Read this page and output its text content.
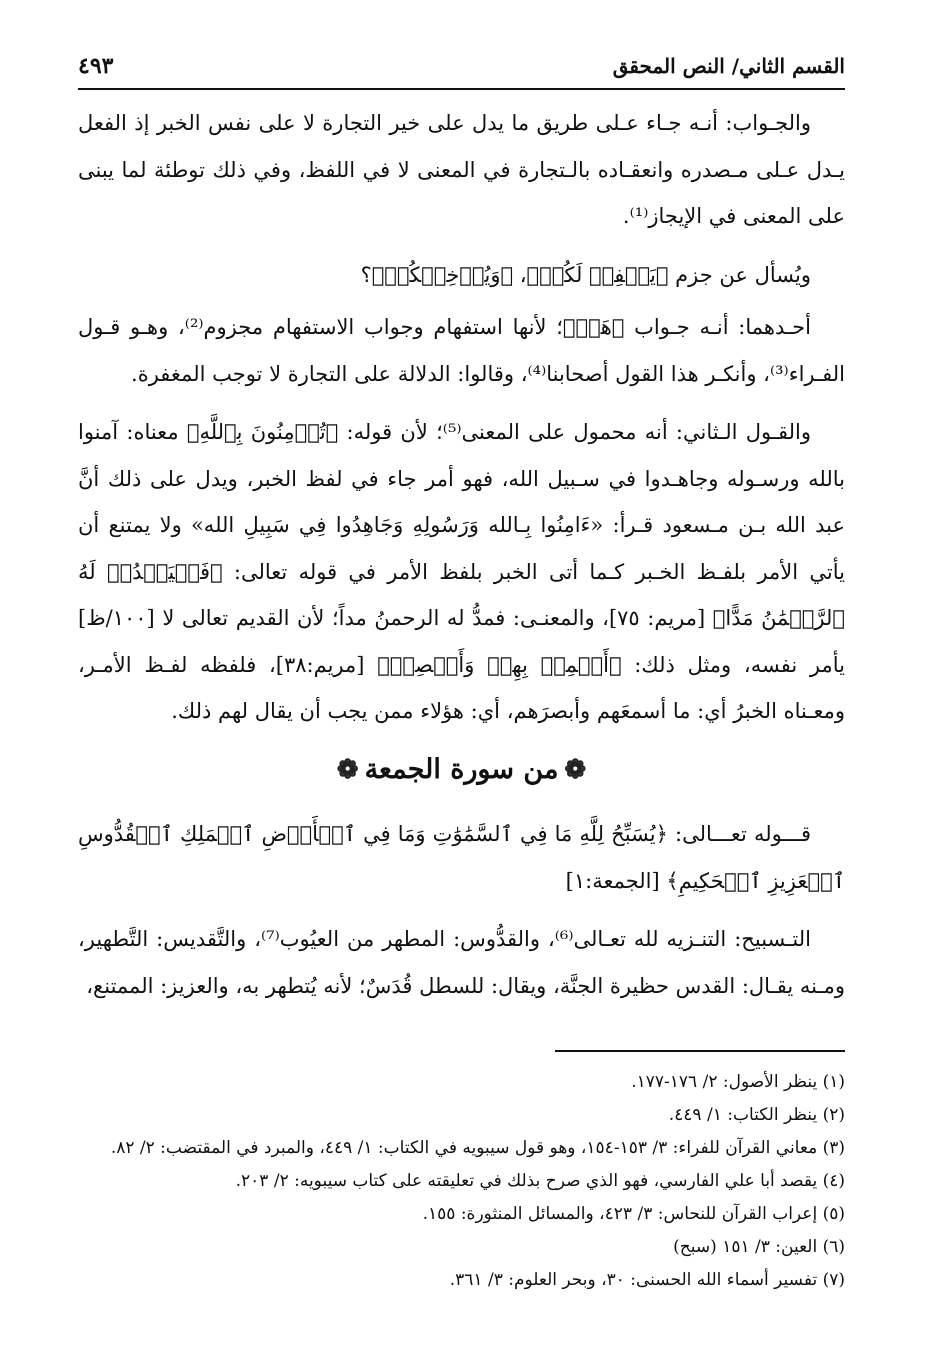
القسم الثاني/ النص المحقق
٤٩٣

والجـواب: أنـه جـاء عـلى طريق ما يدل على خير التجارة لا على نفس الخبر إذ الفعل يـدل عـلى مـصدره وانعقـاده بالـتجارة في المعنى لا في اللفظ، وفي ذلك توطئة لما يبنى على المعنى في الإيجاز⁽¹⁾.

ويُسأل عن جزم ﴿يَغۡفِرۡ لَكُمۡ﴾، ﴿وَيُدۡخِلۡكُمۡ﴾؟

أحـدهما: أنـه جـواب ﴿هَلۡ﴾؛ لأنها استفهام وجواب الاستفهام مجزوم⁽²⁾، وهـو قـول الفـراء⁽³⁾، وأنكـر هذا القول أصحابنا⁽⁴⁾، وقالوا: الدلالة على التجارة لا توجب المغفرة.

والقـول الـثاني: أنه محمول على المعنى⁽⁵⁾؛ لأن قوله: ﴿تُؤۡمِنُونَ بِٱللَّهِ﴾ معناه: آمنوا بالله ورسـوله وجاهـدوا في سـبيل الله، فهو أمر جاء في لفظ الخبر، ويدل على ذلك أنَّ عبد الله بـن مـسعود قـرأ: «ءَامِنُوا بِـالله وَرَسُولِهِ وَجَاهِدُوا فِي سَبِيلِ الله» ولا يمتنع أن يأتي الأمر بلفـظ الخـبر كـما أتى الخبر بلفظ الأمر في قوله تعالى: ﴿فَلۡيَمۡدُدۡ لَهُ ٱلرَّحۡمَٰنُ مَدًّا﴾ [مريم: ٧٥]، والمعنـى: فمدُّ له الرحمنُ مداً؛ لأن القديم تعالى لا [١٠٠/ظ] يأمر نفسه، ومثل ذلك: ﴿أَسۡمِعۡ بِهِمۡ وَأَبۡصِرۡ﴾ [مريم:٣٨]، فلفظه لفـظ الأمـر، ومعـناه الخبرُ أي: ما أسمعَهم وأبصرَهم، أي: هؤلاء ممن يجب أن يقال لهم ذلك.

❁
من سورة الجمعة
❁

قـــوله تعـــالى: ﴿يُسَبِّحُ لِلَّهِ مَا فِي ٱلسَّمَٰوَٰتِ وَمَا فِي ٱلۡأَرۡضِ ٱلۡمَلِكِ ٱلۡقُدُّوسِ ٱلۡعَزِيزِ ٱلۡحَكِيمِ﴾ [الجمعة:١]

التـسبيح: التنـزيه لله تعـالى⁽⁶⁾، والقدُّوس: المطهر من العيُوب⁽⁷⁾، والتَّقديس: التَّطهير، ومـنه يقـال: القدس حظيرة الجنَّة، ويقال: للسطل قُدَسٌ؛ لأنه يُتطهر به، والعزيز: الممتنع،

(١) ينظر الأصول: ٢/ ١٧٦-١٧٧.
(٢) ينظر الكتاب: ١/ ٤٤٩.
(٣) معاني القرآن للفراء: ٣/ ١٥٣-١٥٤، وهو قول سيبويه في الكتاب: ١/ ٤٤٩، والمبرد في المقتضب: ٢/ ٨٢.
(٤) يقصد أبا علي الفارسي، فهو الذي صرح بذلك في تعليقته على كتاب سيبويه: ٢/ ٢٠٣.
(٥) إعراب القرآن للنحاس: ٣/ ٤٢٣، والمسائل المنثورة: ١٥٥.
(٦) العين: ٣/ ١٥١ (سبح)
(٧) تفسير أسماء الله الحسنى: ٣٠، وبحر العلوم: ٣/ ٣٦١.
